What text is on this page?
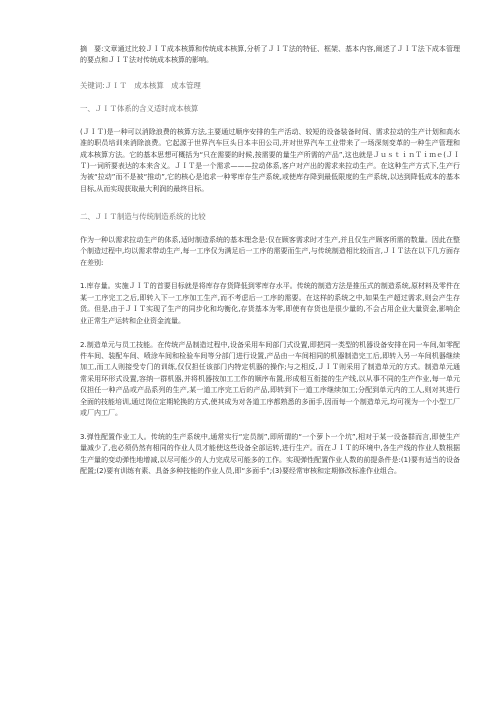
摘　要:文章通过比较ＪＩＴ成本核算和传统成本核算,分析了ＪＩＴ法的特征、框架、基本内容,阐述了ＪＩＴ法下成本管理的要点和ＪＩＴ法对传统成本核算的影响。

关键词:ＪＩＴ　成本核算　成本管理

一、ＪＩＴ体系的含义适时成本核算

(ＪＩＴ)是一种可以消除浪费的核算方法,主要通过顺序安排的生产活动、较短的设备装备时间、需求拉动的生产计划和高水准的职员培训来消除浪费。它起源于世界汽车巨头日本丰田公司,并对世界汽车工业带来了一场深刻变革的一种生产管理和成本核算方法。它的基本思想可概括为“只在需要的时候,按需要的量生产所需的产品”,这也就是ＪｕｓｔｉｎＴｉｍｅ(ＪＩＴ)一词所要表达的本来含义。ＪＩＴ是一个需求———拉动体系,客户对产出的需求来拉动生产。在这种生产方式下,生产行为被“拉动”而不是被“推动”,它的核心是追求一种零库存生产系统,或使库存降到最低限度的生产系统,以达到降低成本的基本目标,从而实现获取最大利润的最终目标。

二、ＪＩＴ制造与传统制造系统的比较

作为一种以需求拉动生产的体系,适时制造系统的基本理念是:仅在顾客需求时才生产,并且仅生产顾客所需的数量。因此在整个制造过程中,均以需求带动生产,每一工序仅为满足后一工序的需要而生产,与传统制造相比较而言,ＪＩＴ法在以下几方面存在差别:

1.库存量。实施ＪＩＴ的首要目标就是将库存存货降低到零库存水平。传统的制造方法是推压式的制造系统,原材料及零件在某一工序完工之后,即转入下一工序加工生产,而不考虑后一工序的需要。在这样的系统之中,如果生产超过需求,则会产生存货。但是,由于ＪＩＴ实现了生产的同步化和均衡化,存货基本为零,即使有存货也是很少量的,不会占用企业大量资金,影响企业正常生产运转和企业资金流量。

2.制造单元与员工技能。在传统产品制造过程中,设备采用车间部门式设置,即把同一类型的机器设备安排在同一车间,如零配件车间、装配车间、喷涂车间和检验车间等分部门进行设置,产品由一车间相同的机器制造完工后,即转入另一车间机器继续加工,而工人则接受专门的训练,仅仅担任该部门内特定机器的操作;与之相反,ＪＩＴ则采用了制造单元的方式。制造单元通常采用环形式设置,容纳一群机器,并将机器按加工工作的顺序布置,形成相互衔接的生产线,以从事不同的生产作业,每一单元仅担任一种产品或产品系列的生产,某一道工序完工后的产品,即转到下一道工序继续加工;分配到单元内的工人,则对其进行全面的技能培训,通过岗位定期轮换的方式,使其成为对各道工序都熟悉的多面手,因而每一个制造单元,均可视为一个小型工厂或厂内工厂。

3.弹性配置作业工人。传统的生产系统中,通常实行“定员制”,即所谓的“一个萝卜一个坑”,相对于某一设备群而言,即使生产量减少了,也必须仍然有相同的作业人员才能使这些设备全部运转,进行生产。而在ＪＩＴ的环境中,各生产线的作业人数根据生产量的变动弹性地增减,以尽可能少的人力完成尽可能多的工作。实现弹性配置作业人数的前提条件是:(1)要有适当的设备配置;(2)要有训练有素、具备多种技能的作业人员,即“多面手”;(3)要经常审核和定期修改标准作业组合。
